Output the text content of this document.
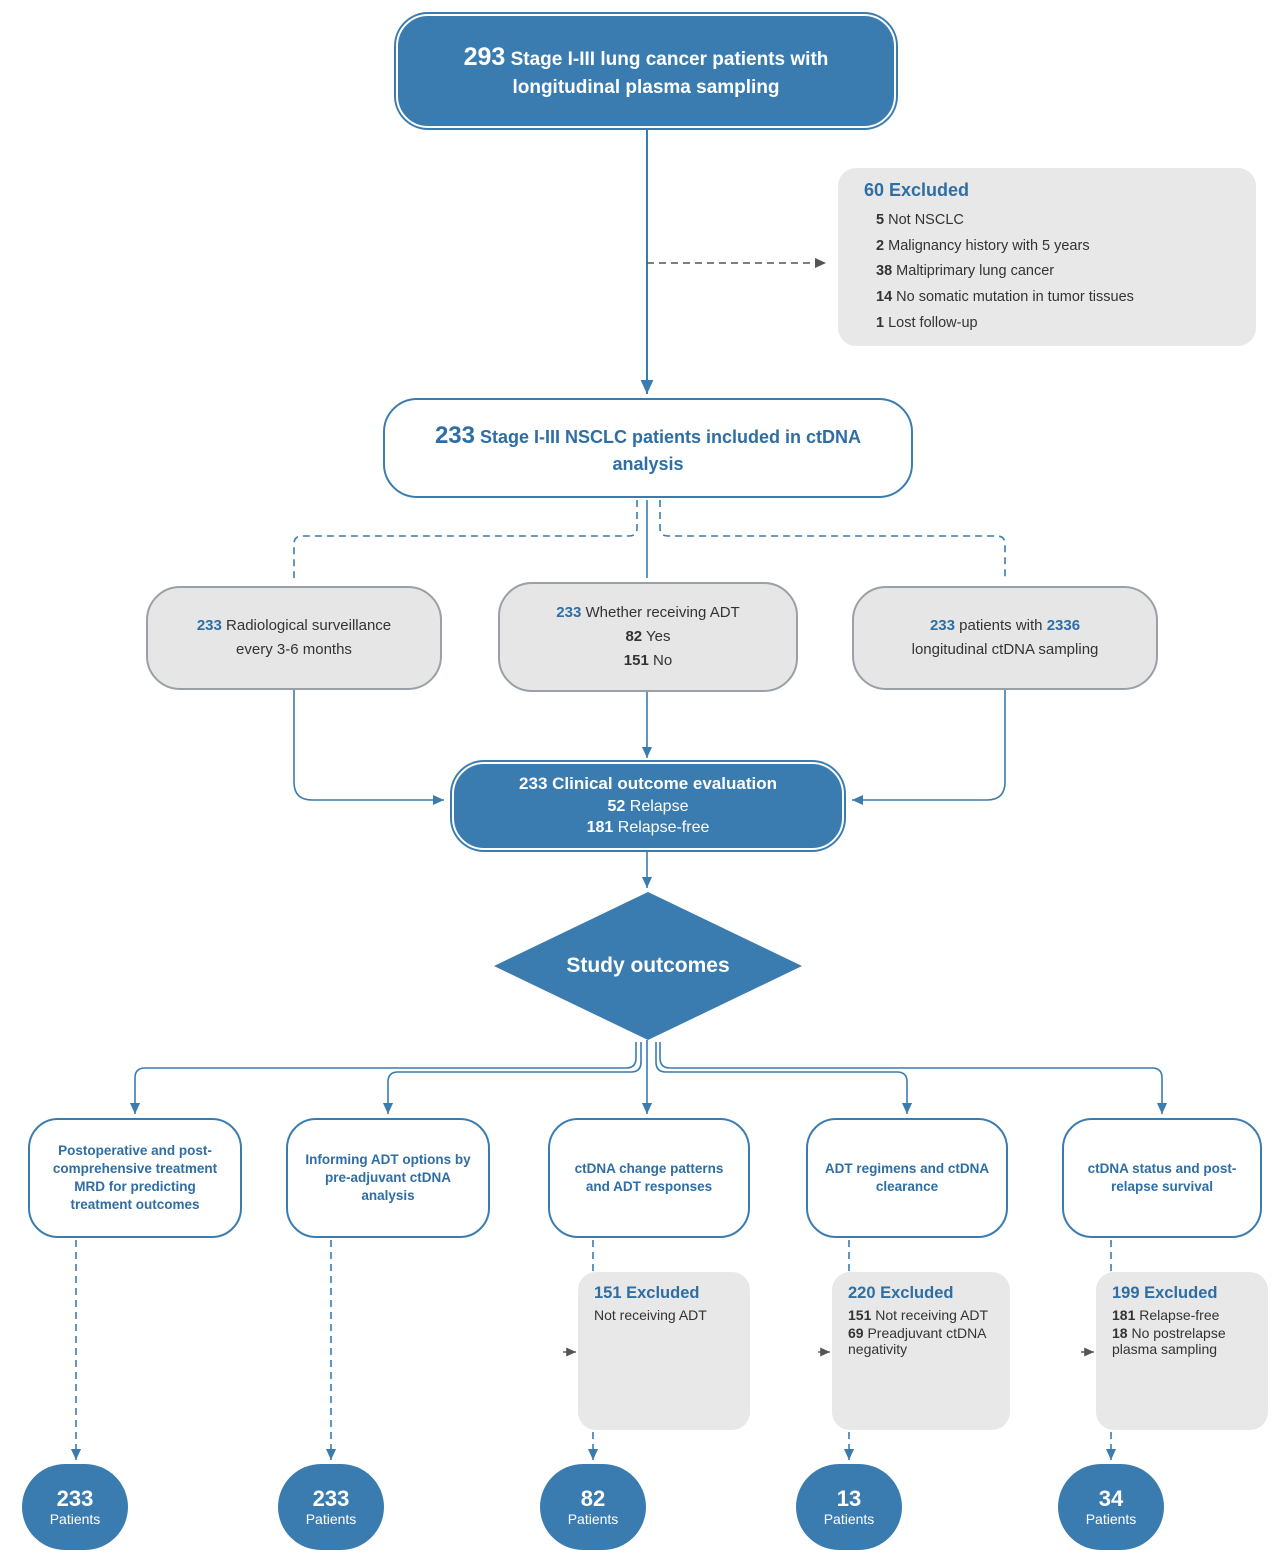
293 Stage I-III lung cancer patients with longitudinal plasma sampling
60 Excluded
5 Not NSCLC
2 Malignancy history with 5 years
38 Maltiprimary lung cancer
14 No somatic mutation in tumor tissues
1 Lost follow-up
233 Stage I-III NSCLC patients included in ctDNA analysis
233 Radiological surveillance
every 3-6 months
233 Whether receiving ADT
82 Yes
151 No
233 patients with 2336
longitudinal ctDNA sampling
233 Clinical outcome evaluation
52 Relapse
181 Relapse-free
Study outcomes
Postoperative and post-comprehensive treatment MRD for predicting treatment outcomes
Informing ADT options by pre-adjuvant ctDNA analysis
ctDNA change patterns and ADT responses
ADT regimens and ctDNA clearance
ctDNA status and post-relapse survival
151 Excluded
Not receiving ADT
220 Excluded
151 Not receiving ADT
69 Preadjuvant ctDNA negativity
199 Excluded
181 Relapse-free
18 No postrelapse plasma sampling
233
Patients
233
Patients
82
Patients
13
Patients
34
Patients
